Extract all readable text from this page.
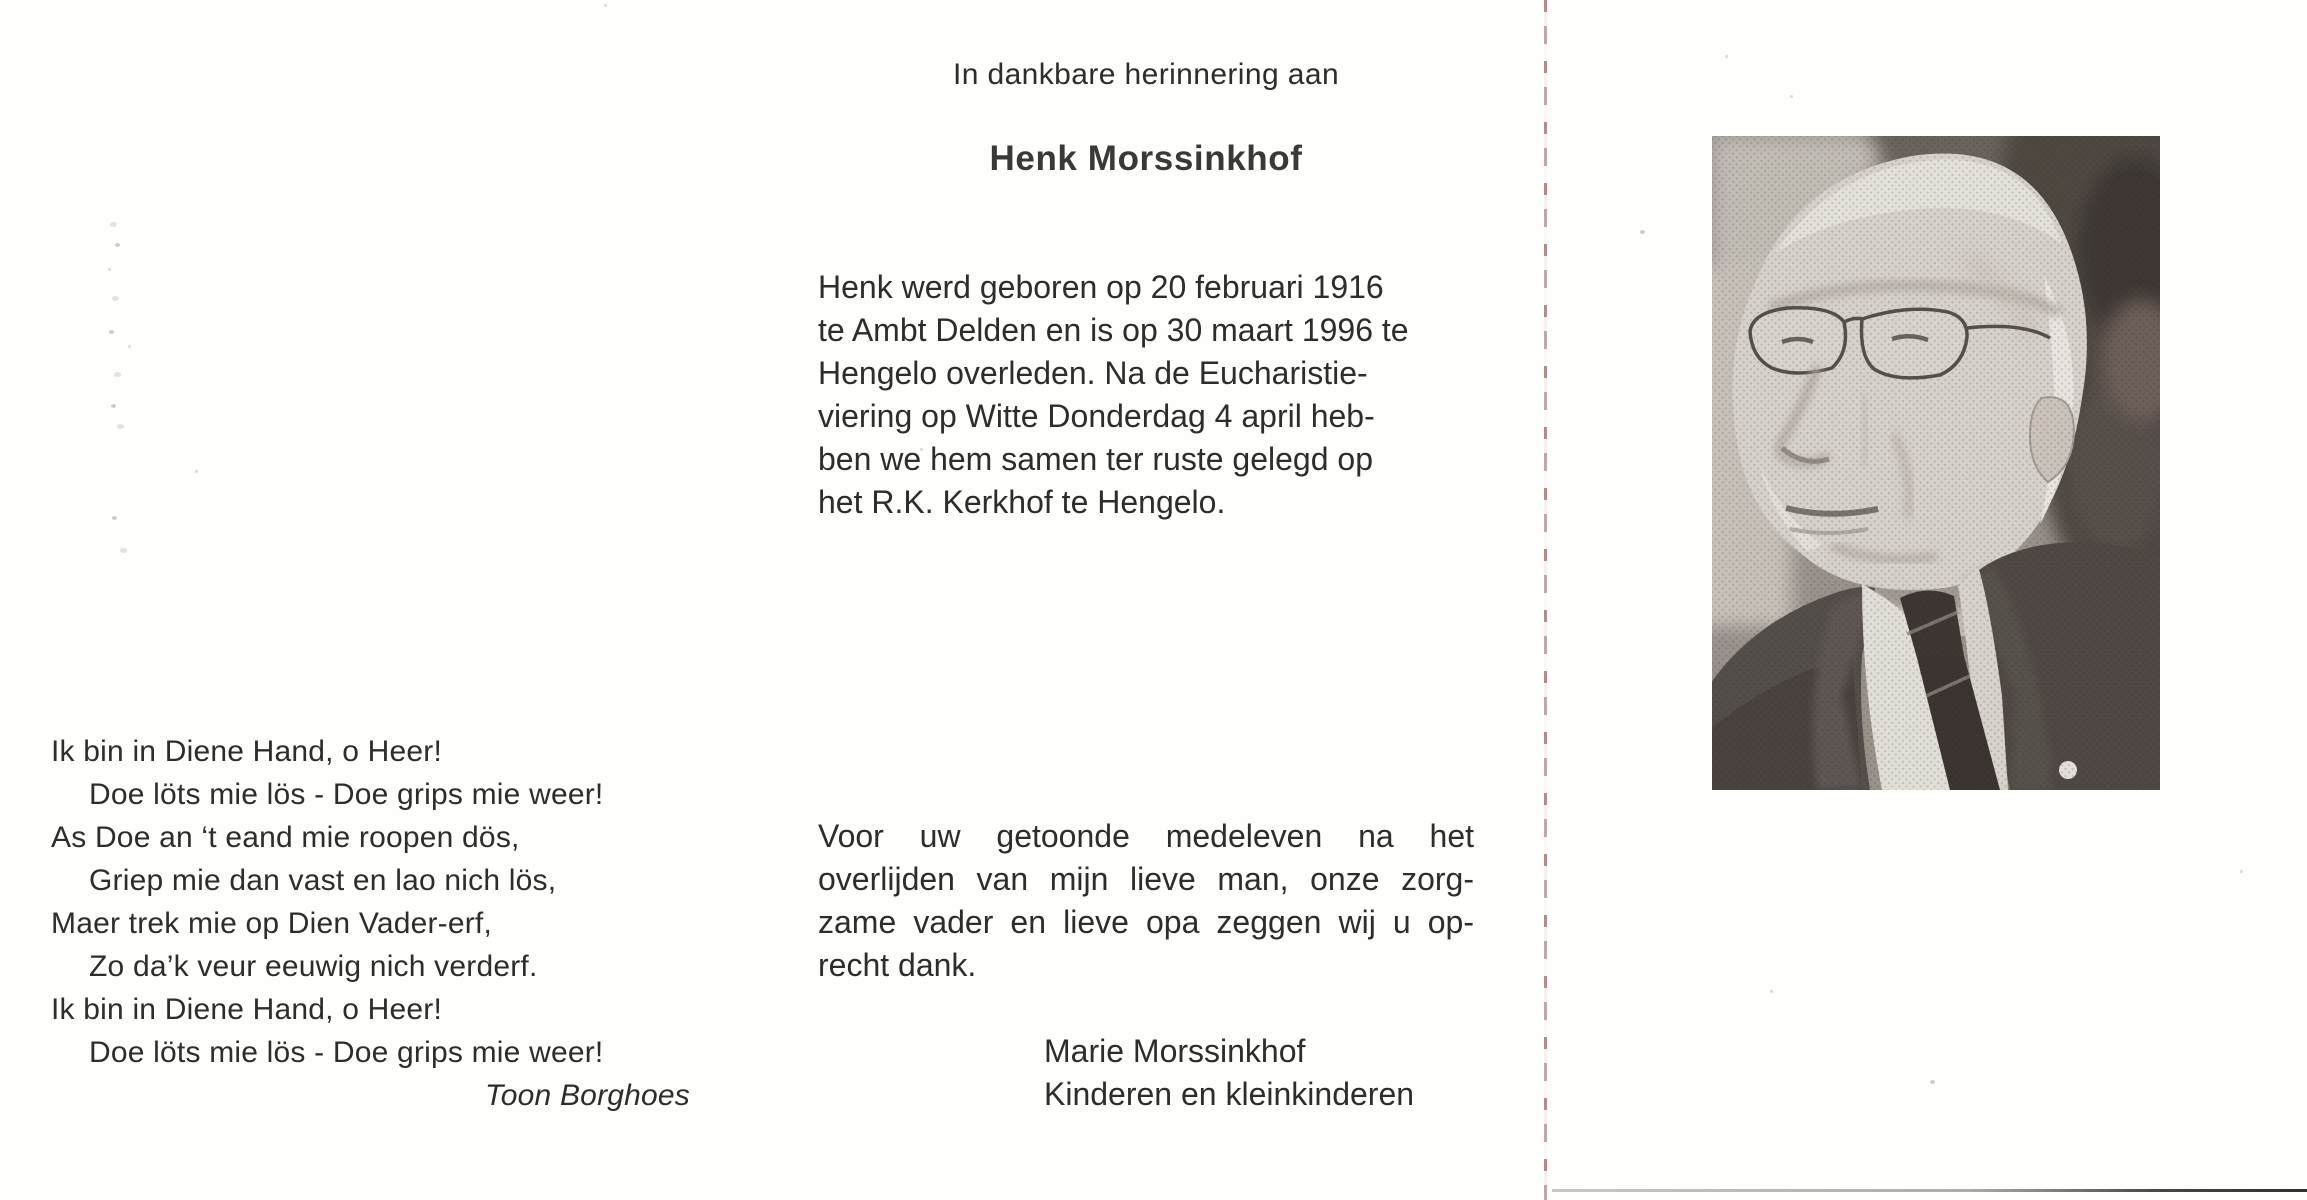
Ik bin in Diene Hand, o Heer!
Doe löts mie lös - Doe grips mie weer!
As Doe an ‘t eand mie roopen dös,
Griep mie dan vast en lao nich lös,
Maer trek mie op Dien Vader-erf,
Zo da’k veur eeuwig nich verderf.
Ik bin in Diene Hand, o Heer!
Doe löts mie lös - Doe grips mie weer!
Toon Borghoes
In dankbare herinnering aan
Henk Morssinkhof
Henk werd geboren op 20 februari 1916
te Ambt Delden en is op 30 maart 1996 te
Hengelo overleden. Na de Eucharistie-
viering op Witte Donderdag 4 april heb-
ben we hem samen ter ruste gelegd op
het R.K. Kerkhof te Hengelo.
Voor uw getoonde medeleven na het
overlijden van mijn lieve man, onze zorg-
zame vader en lieve opa zeggen wij u op-
recht dank.
Marie Morssinkhof
Kinderen en kleinkinderen
